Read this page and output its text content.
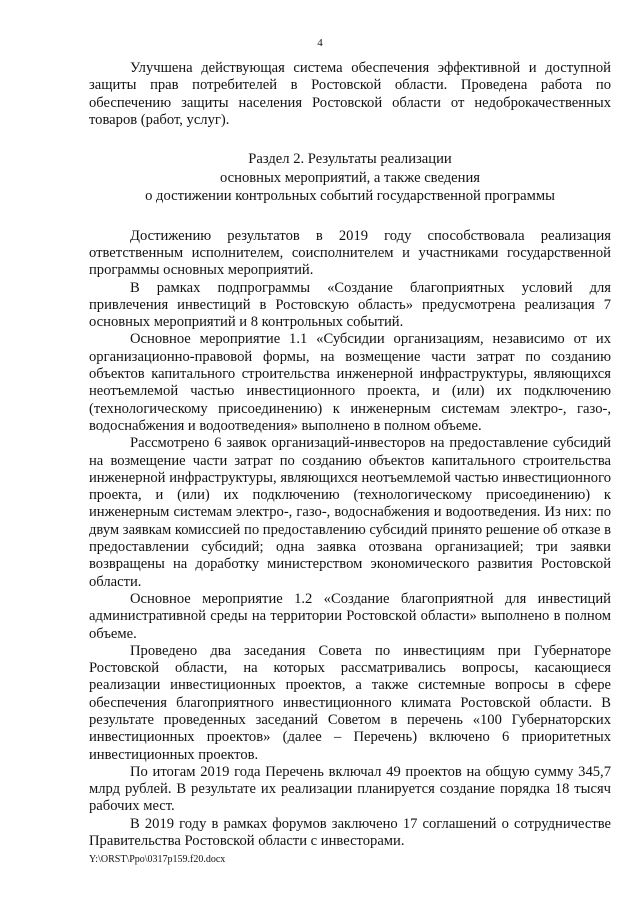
4

Улучшена действующая система обеспечения эффективной и доступной защиты прав потребителей в Ростовской области. Проведена работа по обеспечению защиты населения Ростовской области от недоброкачественных товаров (работ, услуг).

Раздел 2. Результаты реализации
основных мероприятий, а также сведения
о достижении контрольных событий государственной программы

Достижению результатов в 2019 году способствовала реализация ответственным исполнителем, соисполнителем и участниками государственной программы основных мероприятий.

В рамках подпрограммы «Создание благоприятных условий для привлечения инвестиций в Ростовскую область» предусмотрена реализация 7 основных мероприятий и 8 контрольных событий.

Основное мероприятие 1.1 «Субсидии организациям, независимо от их организационно-правовой формы, на возмещение части затрат по созданию объектов капитального строительства инженерной инфраструктуры, являющихся неотъемлемой частью инвестиционного проекта, и (или) их подключению (технологическому присоединению) к инженерным системам электро-, газо-, водоснабжения и водоотведения» выполнено в полном объеме.

Рассмотрено 6 заявок организаций-инвесторов на предоставление субсидий на возмещение части затрат по созданию объектов капитального строительства инженерной инфраструктуры, являющихся неотъемлемой частью инвестиционного проекта, и (или) их подключению (технологическому присоединению) к инженерным системам электро-, газо-, водоснабжения и водоотведения. Из них: по двум заявкам комиссией по предоставлению субсидий принято решение об отказе в предоставлении субсидий; одна заявка отозвана организацией; три заявки возвращены на доработку министерством экономического развития Ростовской области.

Основное мероприятие 1.2 «Создание благоприятной для инвестиций административной среды на территории Ростовской области» выполнено в полном объеме.

Проведено два заседания Совета по инвестициям при Губернаторе Ростовской области, на которых рассматривались вопросы, касающиеся реализации инвестиционных проектов, а также системные вопросы в сфере обеспечения благоприятного инвестиционного климата Ростовской области. В результате проведенных заседаний Советом в перечень «100 Губернаторских инвестиционных проектов» (далее – Перечень) включено 6 приоритетных инвестиционных проектов.

По итогам 2019 года Перечень включал 49 проектов на общую сумму 345,7 млрд рублей. В результате их реализации планируется создание порядка 18 тысяч рабочих мест.

В 2019 году в рамках форумов заключено 17 соглашений о сотрудничестве Правительства Ростовской области с инвесторами.

Y:\ORST\Ppo\0317p159.f20.docx
